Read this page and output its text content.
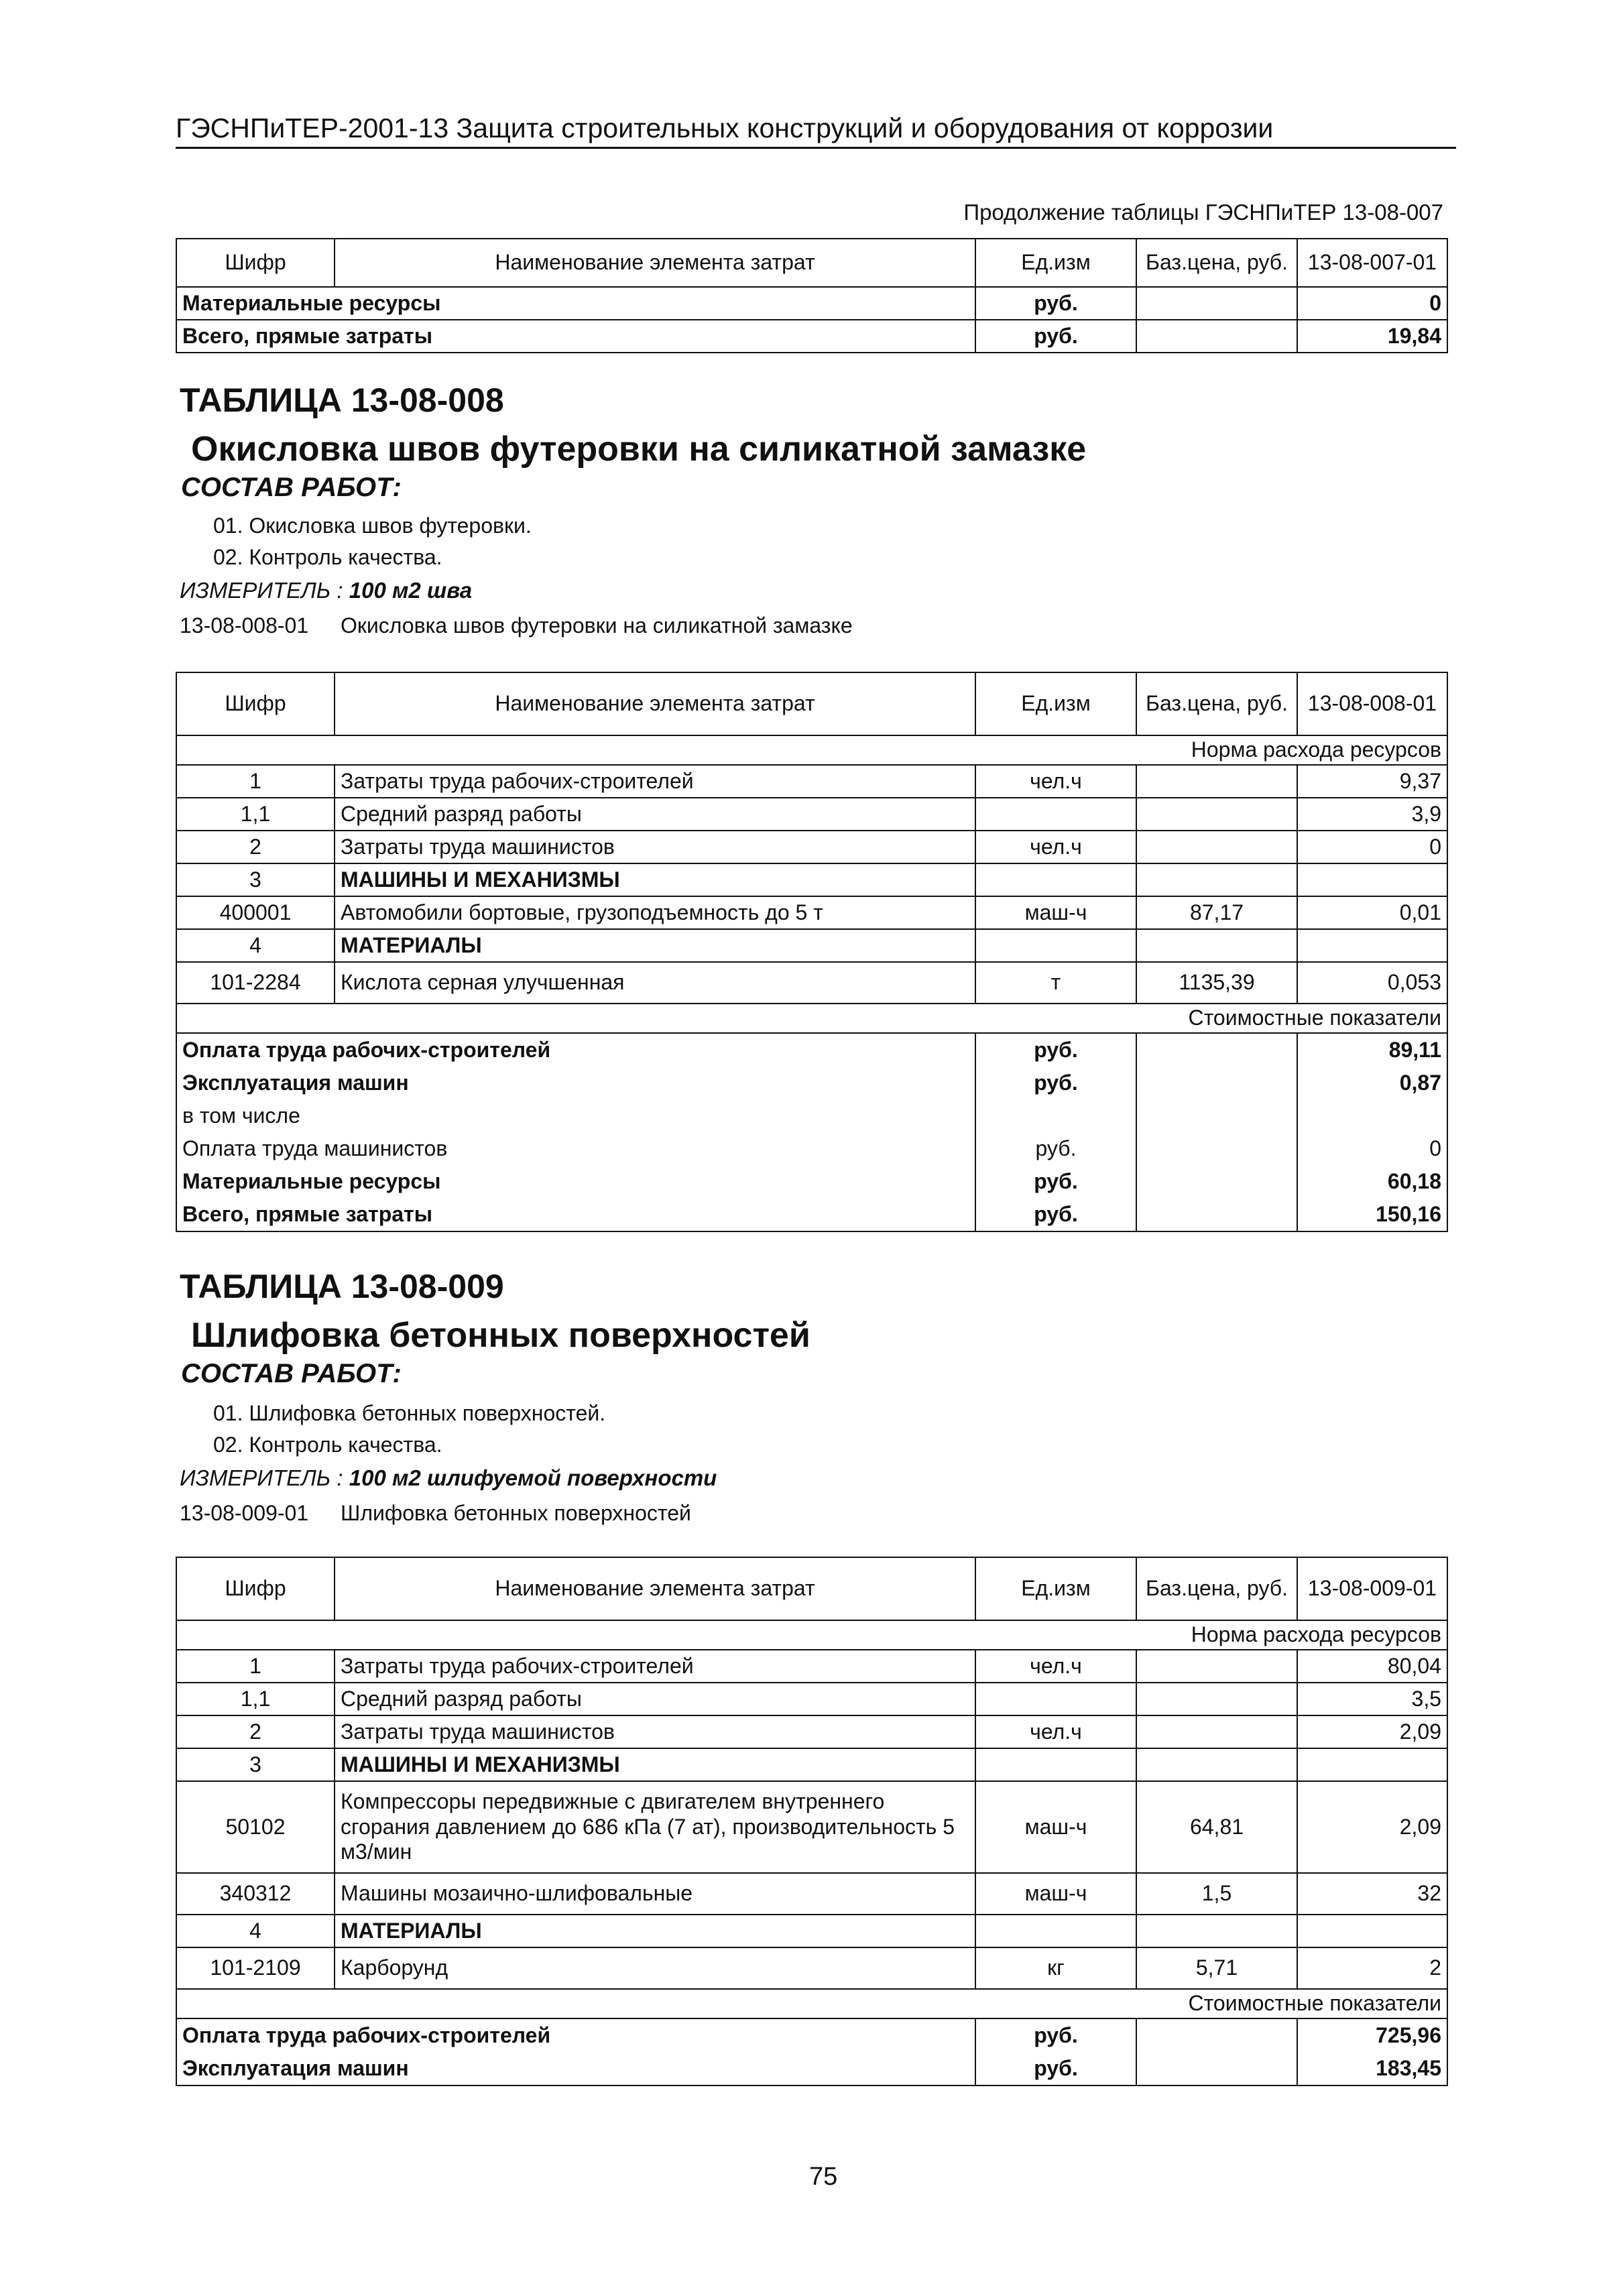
ГЭСНПиТЕР-2001-13 Защита строительных конструкций и оборудования от коррозии
Продолжение таблицы ГЭСНПиТЕР 13-08-007
Шифр	Наименование элемента затрат	Ед.изм	Баз.цена, руб.	13-08-007-01
Материальные ресурсы		руб.		0
Всего, прямые затраты		руб.		19,84
ТАБЛИЦА 13-08-008
Окисловка швов футеровки на силикатной замазке
СОСТАВ РАБОТ:
01. Окисловка швов футеровки.
02. Контроль качества.
ИЗМЕРИТЕЛЬ : 100 м2 шва
13-08-008-01 Окисловка швов футеровки на силикатной замазке
Шифр	Наименование элемента затрат	Ед.изм	Баз.цена, руб.	13-08-008-01
Норма расхода ресурсов				
1	Затраты труда рабочих-строителей	чел.ч		9,37
1,1	Средний разряд работы			3,9
2	Затраты труда машинистов	чел.ч		0
3	МАШИНЫ И МЕХАНИЗМЫ			
400001	Автомобили бортовые, грузоподъемность до 5 т	маш-ч	87,17	0,01
4	МАТЕРИАЛЫ			
101-2284	Кислота серная улучшенная	т	1135,39	0,053
Стоимостные показатели				
Оплата труда рабочих-строителей		руб.		89,11
Эксплуатация машин		руб.		0,87
в том числе				
Оплата труда машинистов		руб.		0
Материальные ресурсы		руб.		60,18
Всего, прямые затраты		руб.		150,16
ТАБЛИЦА 13-08-009
Шлифовка бетонных поверхностей
СОСТАВ РАБОТ:
01. Шлифовка бетонных поверхностей.
02. Контроль качества.
ИЗМЕРИТЕЛЬ : 100 м2 шлифуемой поверхности
13-08-009-01 Шлифовка бетонных поверхностей
Шифр	Наименование элемента затрат	Ед.изм	Баз.цена, руб.	13-08-009-01
Норма расхода ресурсов				
1	Затраты труда рабочих-строителей	чел.ч		80,04
1,1	Средний разряд работы			3,5
2	Затраты труда машинистов	чел.ч		2,09
3	МАШИНЫ И МЕХАНИЗМЫ			
50102	Компрессоры передвижные с двигателем внутреннего сгорания давлением до 686 кПа (7 ат), производительность 5 м3/мин	маш-ч	64,81	2,09
340312	Машины мозаично-шлифовальные	маш-ч	1,5	32
4	МАТЕРИАЛЫ			
101-2109	Карборунд	кг	5,71	2
Стоимостные показатели				
Оплата труда рабочих-строителей		руб.		725,96
Эксплуатация машин		руб.		183,45
75
